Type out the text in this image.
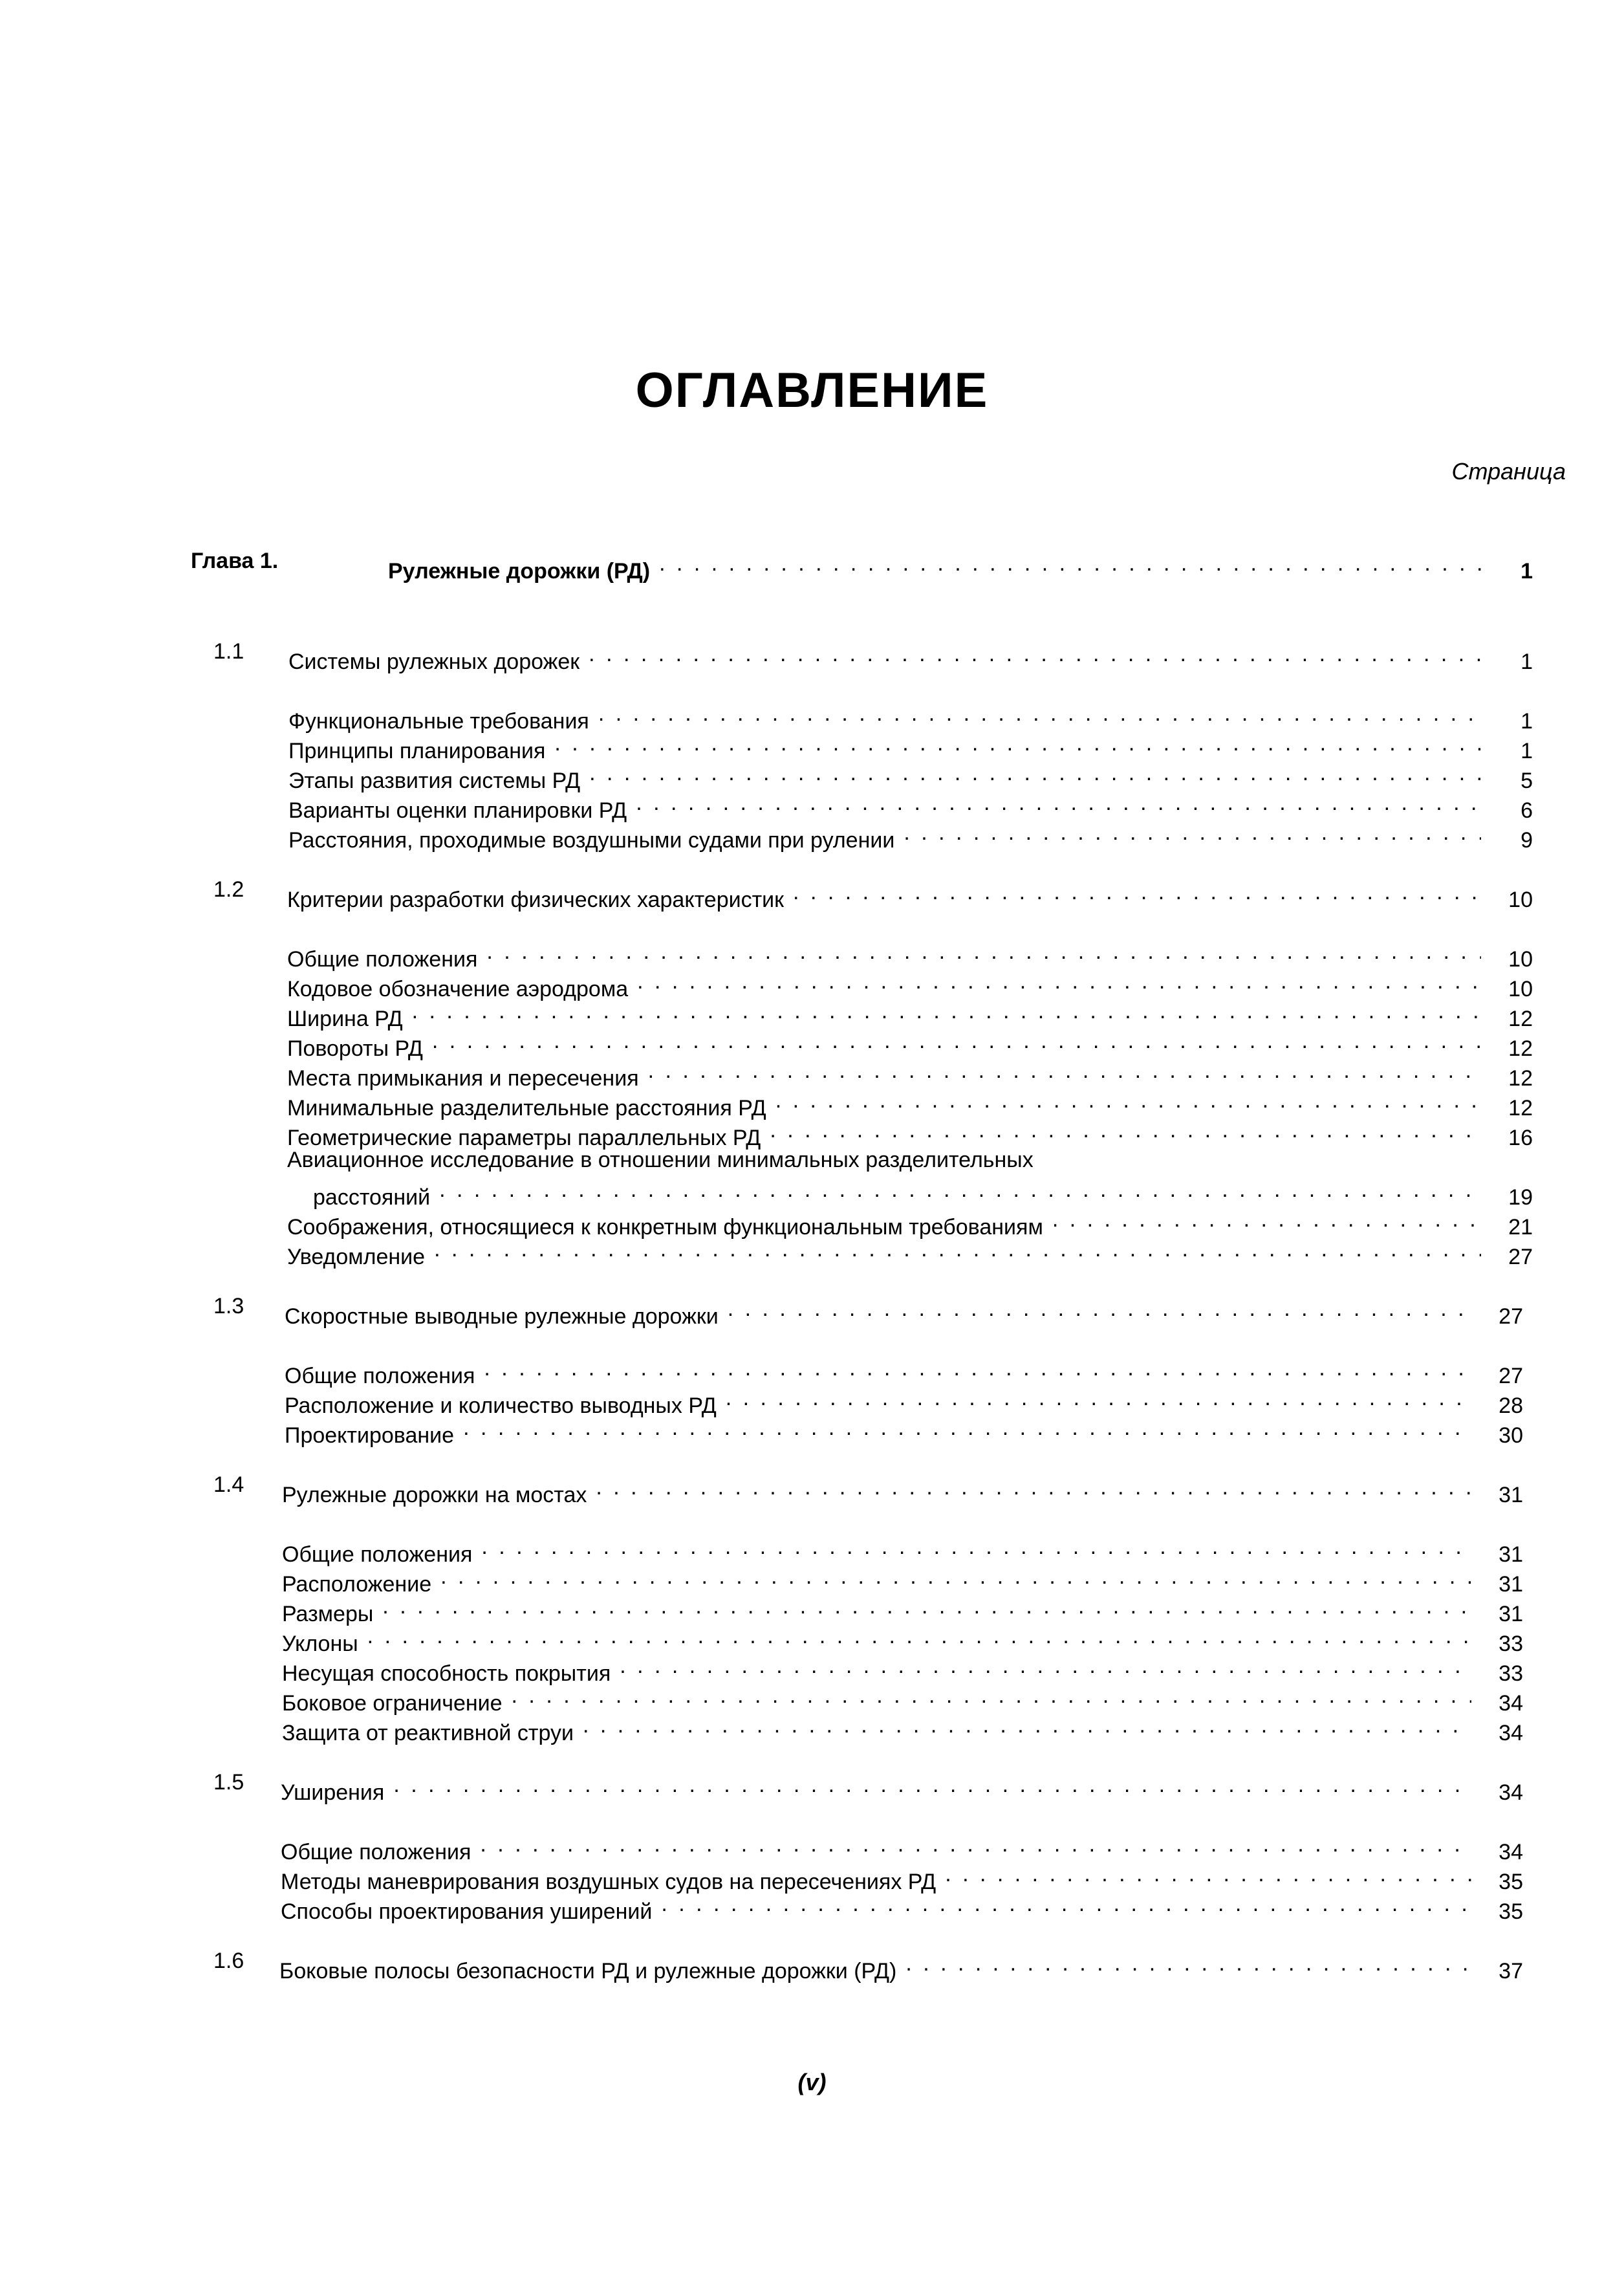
ОГЛАВЛЕНИЕ
Страница
Глава 1.	Рулежные дорожки (РД) . . .	1
1.1 Системы рулежных дорожек . . .	1
Функциональные требования . . .	1
Принципы планирования . . .	1
Этапы развития системы РД . . .	5
Варианты оценки планировки РД . . .	6
Расстояния, проходимые воздушными судами при рулении . . .	9
1.2 Критерии разработки физических характеристик . . .	10
Общие положения . . .	10
Кодовое обозначение аэродрома . . .	10
Ширина РД . . .	12
Повороты РД . . .	12
Места примыкания и пересечения . . .	12
Минимальные разделительные расстояния РД . . .	12
Геометрические параметры параллельных РД . . .	16
Авиационное исследование в отношении минимальных разделительных
расстояний . . .	19
Соображения, относящиеся к конкретным функциональным требованиям . . .	21
Уведомление . . .	27
1.3 Скоростные выводные рулежные дорожки . . .	27
Общие положения . . .	27
Расположение и количество выводных РД . . .	28
Проектирование . . .	30
1.4 Рулежные дорожки на мостах . . .	31
Общие положения . . .	31
Расположение . . .	31
Размеры . . .	31
Уклоны . . .	33
Несущая способность покрытия . . .	33
Боковое ограничение . . .	34
Защита от реактивной струи . . .	34
1.5 Уширения . . .	34
Общие положения . . .	34
Методы маневрирования воздушных судов на пересечениях РД . . .	35
Способы проектирования уширений . . .	35
1.6 Боковые полосы безопасности РД и рулежные дорожки (РД) . . .	37
(v)
